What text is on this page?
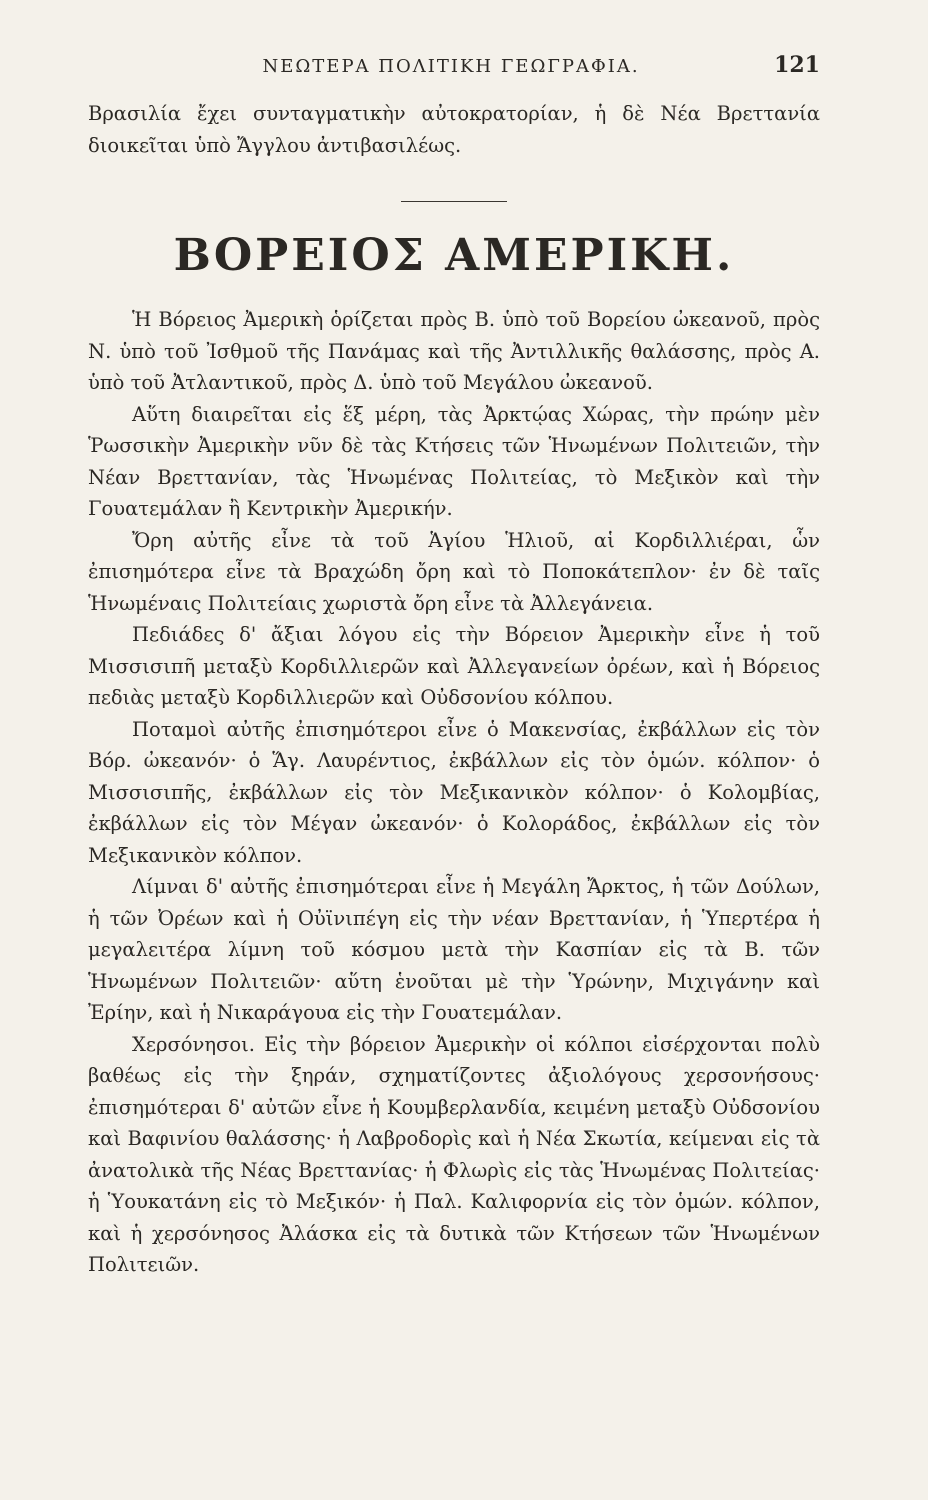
ΝΕΩΤΕΡΑ ΠΟΛΙΤΙΚΗ ΓΕΩΓΡΑΦΙΑ.	121

Βρασιλία ἔχει συνταγματικὴν αὐτοκρατορίαν, ἡ δὲ Νέα Βρεττανία διοικεῖται ὑπὸ Ἄγγλου ἀντιβασιλέως.

ΒΟΡΕΙΟΣ ΑΜΕΡΙΚΗ.

Ἡ Βόρειος Ἀμερικὴ ὁρίζεται πρὸς Β. ὑπὸ τοῦ Βορείου ὠκεανοῦ, πρὸς Ν. ὑπὸ τοῦ Ἰσθμοῦ τῆς Πανάμας καὶ τῆς Ἀντιλλικῆς θαλάσσης, πρὸς Α. ὑπὸ τοῦ Ἀτλαντικοῦ, πρὸς Δ. ὑπὸ τοῦ Μεγάλου ὠκεανοῦ.

Αὕτη διαιρεῖται εἰς ἕξ μέρη, τὰς Ἀρκτῴας Χώρας, τὴν πρώην μὲν Ῥωσσικὴν Ἀμερικὴν νῦν δὲ τὰς Κτήσεις τῶν Ἡνωμένων Πολιτειῶν, τὴν Νέαν Βρεττανίαν, τὰς Ἡνωμένας Πολιτείας, τὸ Μεξικὸν καὶ τὴν Γουατεμάλαν ἢ Κεντρικὴν Ἀμερικήν.

Ὄρη αὐτῆς εἶνε τὰ τοῦ Ἁγίου Ἡλιοῦ, αἱ Κορδιλλιέραι, ὧν ἐπισημότερα εἶνε τὰ Βραχώδη ὄρη καὶ τὸ Ποποκάτεπλον· ἐν δὲ ταῖς Ἡνωμέναις Πολιτείαις χωριστὰ ὄρη εἶνε τὰ Ἀλλεγάνεια.

Πεδιάδες δ' ἄξιαι λόγου εἰς τὴν Βόρειον Ἀμερικὴν εἶνε ἡ τοῦ Μισσισιπῆ μεταξὺ Κορδιλλιερῶν καὶ Ἀλλεγανείων ὀρέων, καὶ ἡ Βόρειος πεδιὰς μεταξὺ Κορδιλλιερῶν καὶ Οὐδσονίου κόλπου.

Ποταμοὶ αὐτῆς ἐπισημότεροι εἶνε ὁ Μακενσίας, ἐκβάλλων εἰς τὸν Βόρ. ὠκεανόν· ὁ Ἅγ. Λαυρέντιος, ἐκβάλλων εἰς τὸν ὁμών. κόλπον· ὁ Μισσισιπῆς, ἐκβάλλων εἰς τὸν Μεξικανικὸν κόλπον· ὁ Κολομβίας, ἐκβάλλων εἰς τὸν Μέγαν ὠκεανόν· ὁ Κολοράδος, ἐκβάλλων εἰς τὸν Μεξικανικὸν κόλπον.

Λίμναι δ' αὐτῆς ἐπισημότεραι εἶνε ἡ Μεγάλη Ἄρκτος, ἡ τῶν Δούλων, ἡ τῶν Ὀρέων καὶ ἡ Οὐϊνιπέγη εἰς τὴν νέαν Βρεττανίαν, ἡ Ὑπερτέρα ἡ μεγαλειτέρα λίμνη τοῦ κόσμου μετὰ τὴν Κασπίαν εἰς τὰ Β. τῶν Ἡνωμένων Πολιτειῶν· αὕτη ἑνοῦται μὲ τὴν Ὑρώνην, Μιχιγάνην καὶ Ἐρίην, καὶ ἡ Νικαράγουα εἰς τὴν Γουατεμάλαν.

Χερσόνησοι. Εἰς τὴν βόρειον Ἀμερικὴν οἱ κόλποι εἰσέρχονται πολὺ βαθέως εἰς τὴν ξηράν, σχηματίζοντες ἀξιολόγους χερσονήσους· ἐπισημότεραι δ' αὐτῶν εἶνε ἡ Κουμβερλανδία, κειμένη μεταξὺ Οὐδσονίου καὶ Βαφινίου θαλάσσης· ἡ Λαβροδορὶς καὶ ἡ Νέα Σκωτία, κείμεναι εἰς τὰ ἀνατολικὰ τῆς Νέας Βρεττανίας· ἡ Φλωρὶς εἰς τὰς Ἡνωμένας Πολιτείας· ἡ Ὑουκατάνη εἰς τὸ Μεξικόν· ἡ Παλ. Καλιφορνία εἰς τὸν ὁμών. κόλπον, καὶ ἡ χερσόνησος Ἀλάσκα εἰς τὰ δυτικὰ τῶν Κτήσεων τῶν Ἡνωμένων Πολιτειῶν.
